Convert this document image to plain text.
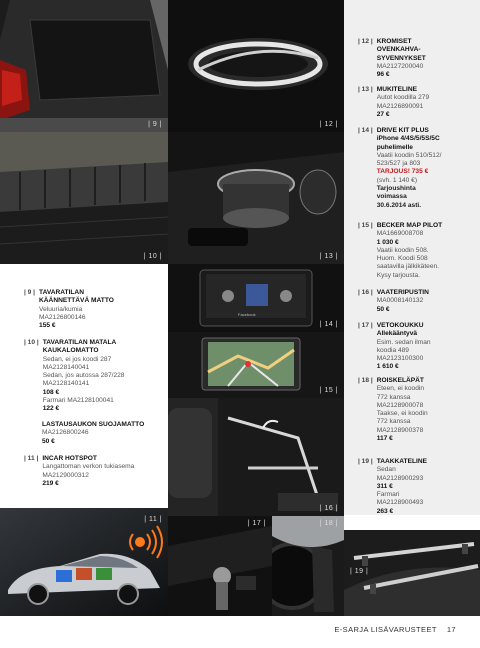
| 9 |
| 10 |
| 12 |
| 13 |
Facebook
| 14 |
| 15 |
| 16 |
| 11 |
| 17 |	| 18 |
| 19 |
| 12 | KROMISET
OVENKAHVA-
SYVENNYKSET
MA2127200040
96 €
| 13 | MUKITELINE
Autot koodilla 279
MA2126890091
27 €
| 14 | DRIVE KIT PLUS
iPhone 4/4S/5/5S/5C
puhelimelle
Vaatii koodin 510/512/
523/527 ja 803
TARJOUS! 735 €
(svh. 1 140 €)
Tarjoushinta
voimassa
30.6.2014 asti.
| 15 | BECKER MAP PILOT
MA1669008708
1 030 €
Vaatii koodin 508.
Huom. Koodi 508
saatavilla jälkikäteen.
Kysy tarjousta.
| 16 | VAATERIPUSTIN
MA0008140132
50 €
| 17 | VETOKOUKKU
Allekääntyvä
Esim. sedan ilman
koodia 489
MA2123100300
1 610 €
| 18 | ROISKELÄPÄT
Eteen, ei koodin
772 kanssa
MA2128900078
Taakse, ei koodin
772 kanssa
MA2128900378
117 €
| 19 | TAAKKATELINE
Sedan
MA2128900293
311 €
Farmari
MA2128900493
263 €
| 9 | TAVARATILAN
KÄÄNNETTÄVÄ MATTO
Veluuria/kumia
MA2126800146
155 €
| 10 | TAVARATILAN MATALA
KAUKALOMATTO
Sedan, ei jos koodi 287
MA2128140041
Sedan, jos autossa 287/228
MA2128140141
108 €
Farmari MA2128100041
122 €
LASTAUSAUKON SUOJAMATTO
MA2126800246
50 €
| 11 | INCAR HOTSPOT
Langattoman verkon tukiasema
MA2129000312
219 €
E-SARJA LISÄVARUSTEET 17
